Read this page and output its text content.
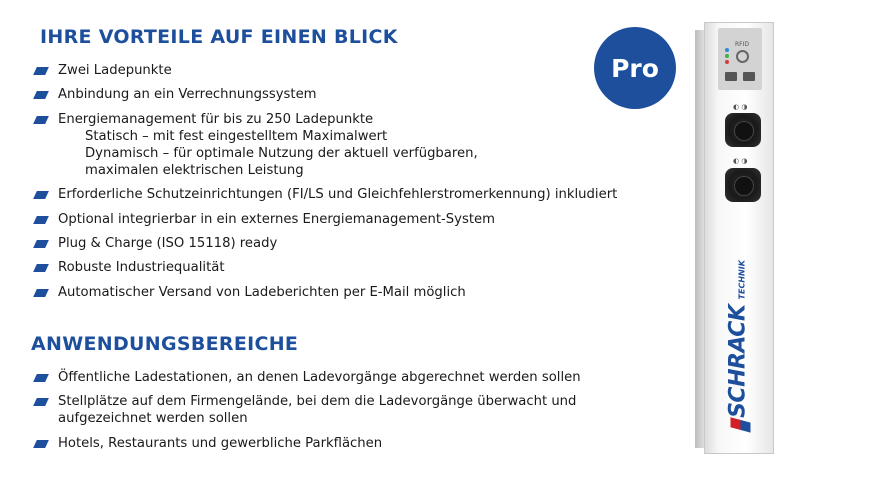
IHRE VORTEILE AUF EINEN BLICK
Zwei Ladepunkte
Anbindung an ein Verrechnungssystem
Energiemanagement für bis zu 250 Ladepunkte
Statisch – mit fest eingestelltem Maximalwert
Dynamisch – für optimale Nutzung der aktuell verfügbaren,
maximalen elektrischen Leistung
Erforderliche Schutzeinrichtungen (FI/LS und Gleichfehlerstromerkennung) inkludiert
Optional integrierbar in ein externes Energiemanagement-System
Plug & Charge (ISO 15118) ready
Robuste Industriequalität
Automatischer Versand von Ladeberichten per E-Mail möglich
ANWENDUNGSBEREICHE
Öffentliche Ladestationen, an denen Ladevorgänge abgerechnet werden sollen
Stellplätze auf dem Firmengelände, bei dem die Ladevorgänge überwacht und aufgezeichnet werden sollen
Hotels, Restaurants und gewerbliche Parkflächen
Pro
RFID
◐ ◑
◐ ◑
SCHRACK TECHNIK
